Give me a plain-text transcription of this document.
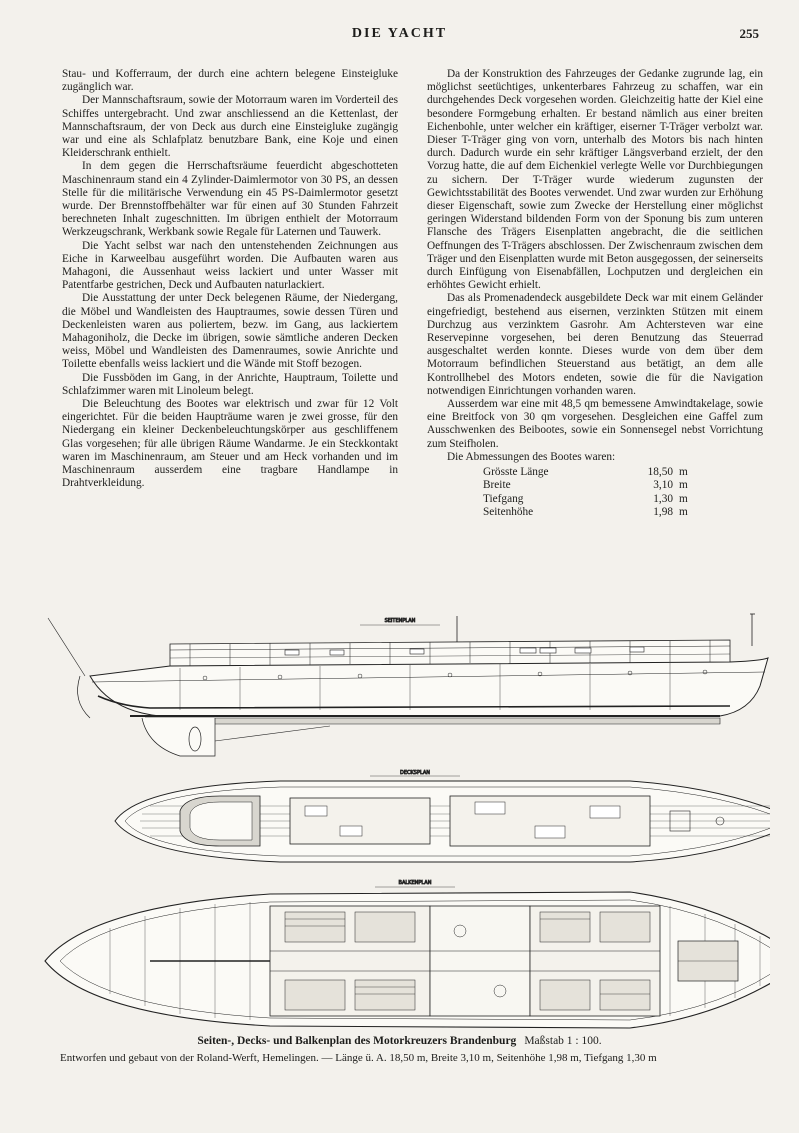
DIE YACHT	255

Stau- und Kofferraum, der durch eine achtern belegene Einsteigluke zugänglich war.

Der Mannschaftsraum, sowie der Motorraum waren im Vorderteil des Schiffes untergebracht. Und zwar anschliessend an die Kettenlast, der Mannschaftsraum, der von Deck aus durch eine Einsteigluke zugängig war und eine als Schlafplatz benutzbare Bank, eine Koje und einen Kleiderschrank enthielt.

In dem gegen die Herrschaftsräume feuerdicht abgeschotteten Maschinenraum stand ein 4 Zylinder-Daimlermotor von 30 PS, an dessen Stelle für die militärische Verwendung ein 45 PS-Daimlermotor gesetzt wurde. Der Brennstoffbehälter war für einen auf 30 Stunden Fahrzeit berechneten Inhalt zugeschnitten. Im übrigen enthielt der Motorraum Werkzeugschrank, Werkbank sowie Regale für Laternen und Tauwerk.

Die Yacht selbst war nach den untenstehenden Zeichnungen aus Eiche in Karweelbau ausgeführt worden. Die Aufbauten waren aus Mahagoni, die Aussenhaut weiss lackiert und unter Wasser mit Patentfarbe gestrichen, Deck und Aufbauten naturlackiert.

Die Ausstattung der unter Deck belegenen Räume, der Niedergang, die Möbel und Wandleisten des Hauptraumes, sowie dessen Türen und Deckenleisten waren aus poliertem, bezw. im Gang, aus lackiertem Mahagoniholz, die Decke im übrigen, sowie sämtliche anderen Decken weiss, Möbel und Wandleisten des Damenraumes, sowie Anrichte und Toilette ebenfalls weiss lackiert und die Wände mit Stoff bezogen.

Die Fussböden im Gang, in der Anrichte, Hauptraum, Toilette und Schlafzimmer waren mit Linoleum belegt.

Die Beleuchtung des Bootes war elektrisch und zwar für 12 Volt eingerichtet. Für die beiden Haupträume waren je zwei grosse, für den Niedergang ein kleiner Deckenbeleuchtungskörper aus geschliffenem Glas vorgesehen; für alle übrigen Räume Wandarme. Je ein Steckkontakt waren im Maschinenraum, am Steuer und am Heck vorhanden und im Maschinenraum ausserdem eine tragbare Handlampe in Drahtverkleidung.

Da der Konstruktion des Fahrzeuges der Gedanke zugrunde lag, ein möglichst seetüchtiges, unkenterbares Fahrzeug zu schaffen, war ein durchgehendes Deck vorgesehen worden. Gleichzeitig hatte der Kiel eine besondere Formgebung erhalten. Er bestand nämlich aus einer breiten Eichenbohle, unter welcher ein kräftiger, eiserner T-Träger verbolzt war. Dieser T-Träger ging von vorn, unterhalb des Motors bis nach hinten durch. Dadurch wurde ein sehr kräftiger Längsverband erzielt, der den Vorzug hatte, die auf dem Eichenkiel verlegte Welle vor Durchbiegungen zu sichern. Der T-Träger wurde wiederum zugunsten der Gewichtsstabilität des Bootes verwendet. Und zwar wurden zur Erhöhung dieser Eigenschaft, sowie zum Zwecke der Herstellung einer möglichst geringen Widerstand bildenden Form von der Sponung bis zum unteren Flansche des Trägers Eisenplatten angebracht, die die seitlichen Oeffnungen des T-Trägers abschlossen. Der Zwischenraum zwischen dem Träger und den Eisenplatten wurde mit Beton ausgegossen, der seinerseits durch Einfügung von Eisenabfällen, Lochputzen und dergleichen ein erhöhtes Gewicht erhielt.

Das als Promenadendeck ausgebildete Deck war mit einem Geländer eingefriedigt, bestehend aus eisernen, verzinkten Stützen mit einem Durchzug aus verzinktem Gasrohr. Am Achtersteven war eine Reservepinne vorgesehen, bei deren Benutzung das Steuerrad ausgeschaltet werden konnte. Dieses wurde von dem über dem Motorraum befindlichen Steuerstand aus betätigt, an dem alle Kontrollhebel des Motors endeten, sowie die für die Navigation notwendigen Einrichtungen vorhanden waren.

Ausserdem war eine mit 48,5 qm bemessene Amwindtakelage, sowie eine Breitfock von 30 qm vorgesehen. Desgleichen eine Gaffel zum Ausschwenken des Beibootes, sowie ein Sonnensegel nebst Vorrichtung zum Steifholen.

Die Abmessungen des Bootes waren:

Grösste Länge	18,50	m
Breite	3,10	m
Tiefgang	1,30	m
Seitenhöhe	1,98	m
SEITENPLAN
DECKSPLAN
BALKENPLAN
Seiten-, Decks- und Balkenplan des Motorkreuzers Brandenburg Maßstab 1 : 100.
Entworfen und gebaut von der Roland-Werft, Hemelingen. — Länge ü. A. 18,50 m, Breite 3,10 m, Seitenhöhe 1,98 m, Tiefgang 1,30 m
